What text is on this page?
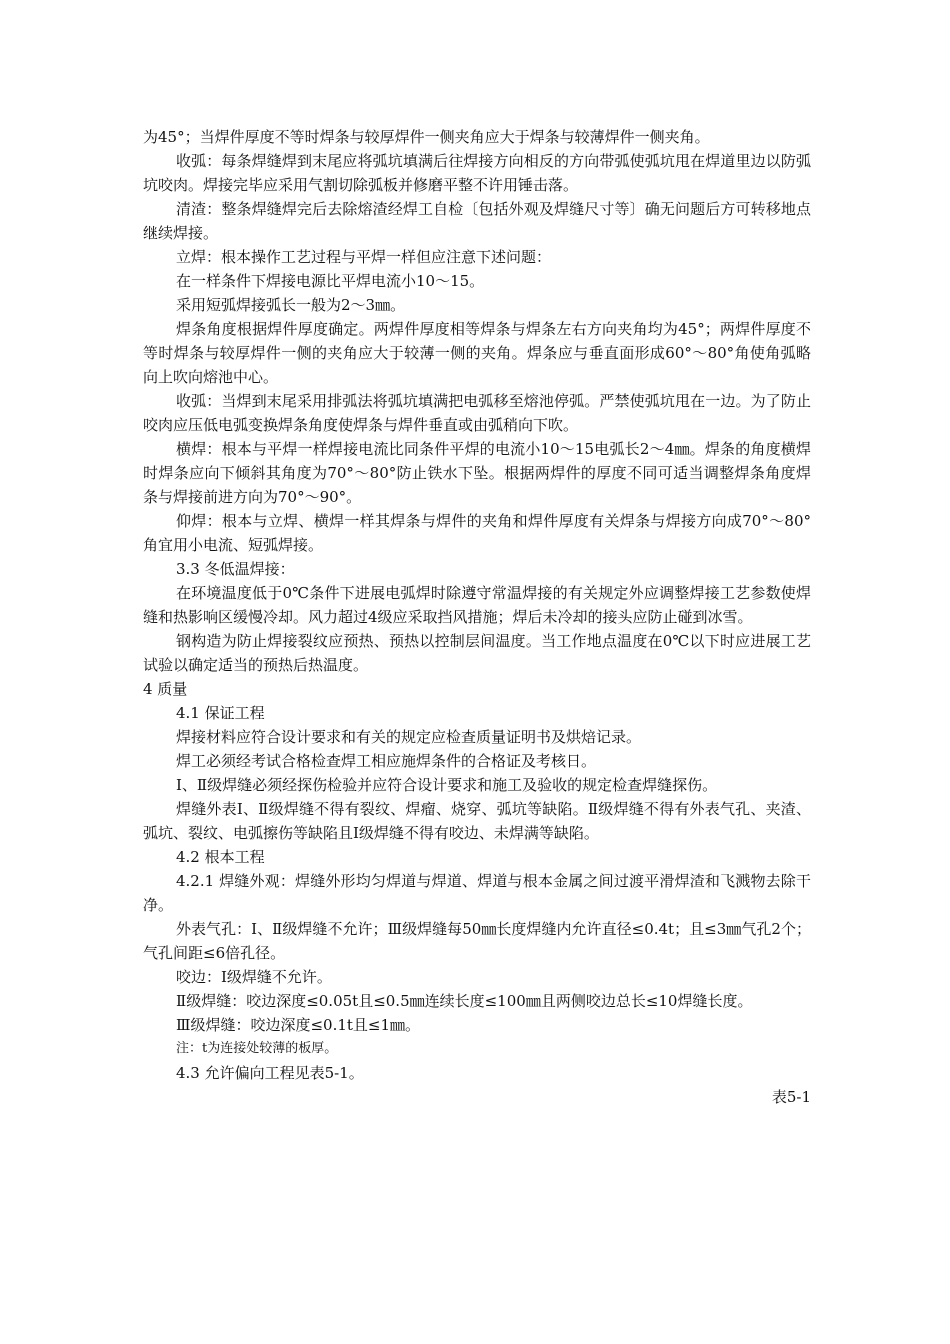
为45°；当焊件厚度不等时焊条与较厚焊件一侧夹角应大于焊条与较薄焊件一侧夹角。

收弧：每条焊缝焊到末尾应将弧坑填满后往焊接方向相反的方向带弧使弧坑甩在焊道里边以防弧坑咬肉。焊接完毕应采用气割切除弧板并修磨平整不许用锤击落。

清渣：整条焊缝焊完后去除熔渣经焊工自检〔包括外观及焊缝尺寸等〕确无问题后方可转移地点继续焊接。

立焊：根本操作工艺过程与平焊一样但应注意下述问题：

在一样条件下焊接电源比平焊电流小10～15。

采用短弧焊接弧长一般为2～3㎜。

焊条角度根据焊件厚度确定。两焊件厚度相等焊条与焊条左右方向夹角均为45°；两焊件厚度不等时焊条与较厚焊件一侧的夹角应大于较薄一侧的夹角。焊条应与垂直面形成60°～80°角使角弧略向上吹向熔池中心。

收弧：当焊到末尾采用排弧法将弧坑填满把电弧移至熔池停弧。严禁使弧坑甩在一边。为了防止咬肉应压低电弧变换焊条角度使焊条与焊件垂直或由弧稍向下吹。

横焊：根本与平焊一样焊接电流比同条件平焊的电流小10～15电弧长2～4㎜。焊条的角度横焊时焊条应向下倾斜其角度为70°～80°防止铁水下坠。根据两焊件的厚度不同可适当调整焊条角度焊条与焊接前进方向为70°～90°。

仰焊：根本与立焊、横焊一样其焊条与焊件的夹角和焊件厚度有关焊条与焊接方向成70°～80°角宜用小电流、短弧焊接。

3.3 冬低温焊接：

在环境温度低于0℃条件下进展电弧焊时除遵守常温焊接的有关规定外应调整焊接工艺参数使焊缝和热影响区缓慢冷却。风力超过4级应采取挡风措施；焊后未冷却的接头应防止碰到冰雪。

钢构造为防止焊接裂纹应预热、预热以控制层间温度。当工作地点温度在0℃以下时应进展工艺试验以确定适当的预热后热温度。

4 质量

4.1 保证工程

焊接材料应符合设计要求和有关的规定应检查质量证明书及烘焙记录。

焊工必须经考试合格检查焊工相应施焊条件的合格证及考核日。

Ⅰ、Ⅱ级焊缝必须经探伤检验并应符合设计要求和施工及验收的规定检查焊缝探伤。

焊缝外表Ⅰ、Ⅱ级焊缝不得有裂纹、焊瘤、烧穿、弧坑等缺陷。Ⅱ级焊缝不得有外表气孔、夹渣、弧坑、裂纹、电弧擦伤等缺陷且Ⅰ级焊缝不得有咬边、未焊满等缺陷。

4.2 根本工程

4.2.1 焊缝外观：焊缝外形均匀焊道与焊道、焊道与根本金属之间过渡平滑焊渣和飞溅物去除干净。

外表气孔：Ⅰ、Ⅱ级焊缝不允许；Ⅲ级焊缝每50㎜长度焊缝内允许直径≤0.4t；且≤3㎜气孔2个；气孔间距≤6倍孔径。

咬边：Ⅰ级焊缝不允许。

Ⅱ级焊缝：咬边深度≤0.05t且≤0.5㎜连续长度≤100㎜且两侧咬边总长≤10焊缝长度。

Ⅲ级焊缝：咬边深度≤0.1t且≤1㎜。

注：t为连接处较薄的板厚。

4.3 允许偏向工程见表5-1。

表5-1
